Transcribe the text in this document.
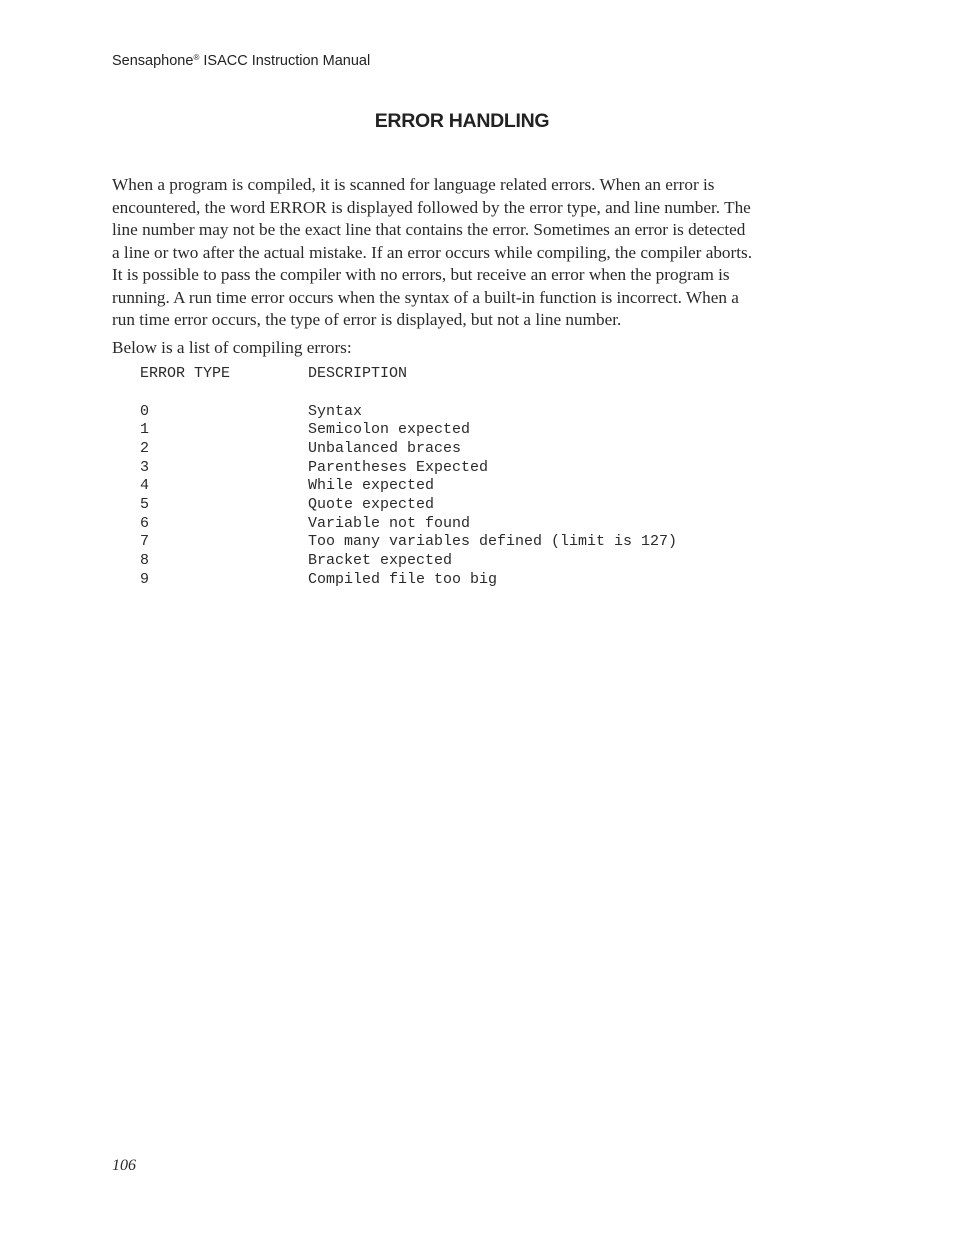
Sensaphone® ISACC Instruction Manual
ERROR HANDLING
When a program is compiled, it is scanned for language related errors. When an error is
encountered, the word ERROR is displayed followed by the error type, and line number. The
line number may not be the exact line that contains the error. Sometimes an error is detected
a line or two after the actual mistake. If an error occurs while compiling, the compiler aborts.
It is possible to pass the compiler with no errors, but receive an error when the program is
running. A run time error occurs when the syntax of a built-in function is incorrect. When a
run time error occurs, the type of error is displayed, but not a line number.
Below is a list of compiling errors:
ERROR TYPE	DESCRIPTION
0	Syntax
1	Semicolon expected
2	Unbalanced braces
3	Parentheses Expected
4	While expected
5	Quote expected
6	Variable not found
7	Too many variables defined (limit is 127)
8	Bracket expected
9	Compiled file too big
106
